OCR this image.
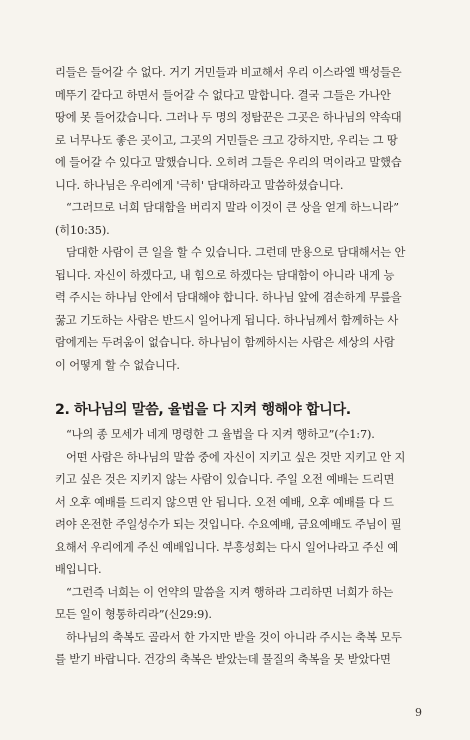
리들은 들어갈 수 없다. 거기 거민들과 비교해서 우리 이스라엘 백성들은
메뚜기 같다고 하면서 들어갈 수 없다고 말합니다. 결국 그들은 가나안
땅에 못 들어갔습니다. 그러나 두 명의 정탐꾼은 그곳은 하나님의 약속대
로 너무나도 좋은 곳이고, 그곳의 거민들은 크고 강하지만, 우리는 그 땅
에 들어갈 수 있다고 말했습니다. 오히려 그들은 우리의 먹이라고 말했습
니다. 하나님은 우리에게 '극히' 담대하라고 말씀하셨습니다.
“그러므로 너희 담대함을 버리지 말라 이것이 큰 상을 얻게 하느니라”
(히10:35).
담대한 사람이 큰 일을 할 수 있습니다. 그런데 만용으로 담대해서는 안
됩니다. 자신이 하겠다고, 내 힘으로 하겠다는 담대함이 아니라 내게 능
력 주시는 하나님 안에서 담대해야 합니다. 하나님 앞에 겸손하게 무릎을
꿇고 기도하는 사람은 반드시 일어나게 됩니다. 하나님께서 함께하는 사
람에게는 두려움이 없습니다. 하나님이 함께하시는 사람은 세상의 사람
이 어떻게 할 수 없습니다.
2. 하나님의 말씀, 율법을 다 지켜 행해야 합니다.
“나의 종 모세가 네게 명령한 그 율법을 다 지켜 행하고”(수1:7).
어떤 사람은 하나님의 말씀 중에 자신이 지키고 싶은 것만 지키고 안 지
키고 싶은 것은 지키지 않는 사람이 있습니다. 주일 오전 예배는 드리면
서 오후 예배를 드리지 않으면 안 됩니다. 오전 예배, 오후 예배를 다 드
려야 온전한 주일성수가 되는 것입니다. 수요예배, 금요예배도 주님이 필
요해서 우리에게 주신 예배입니다. 부흥성회는 다시 일어나라고 주신 예
배입니다.
“그런즉 너희는 이 언약의 말씀을 지켜 행하라 그리하면 너희가 하는
모든 일이 형통하리라”(신29:9).
하나님의 축복도 골라서 한 가지만 받을 것이 아니라 주시는 축복 모두
를 받기 바랍니다. 건강의 축복은 받았는데 물질의 축복을 못 받았다면
9
